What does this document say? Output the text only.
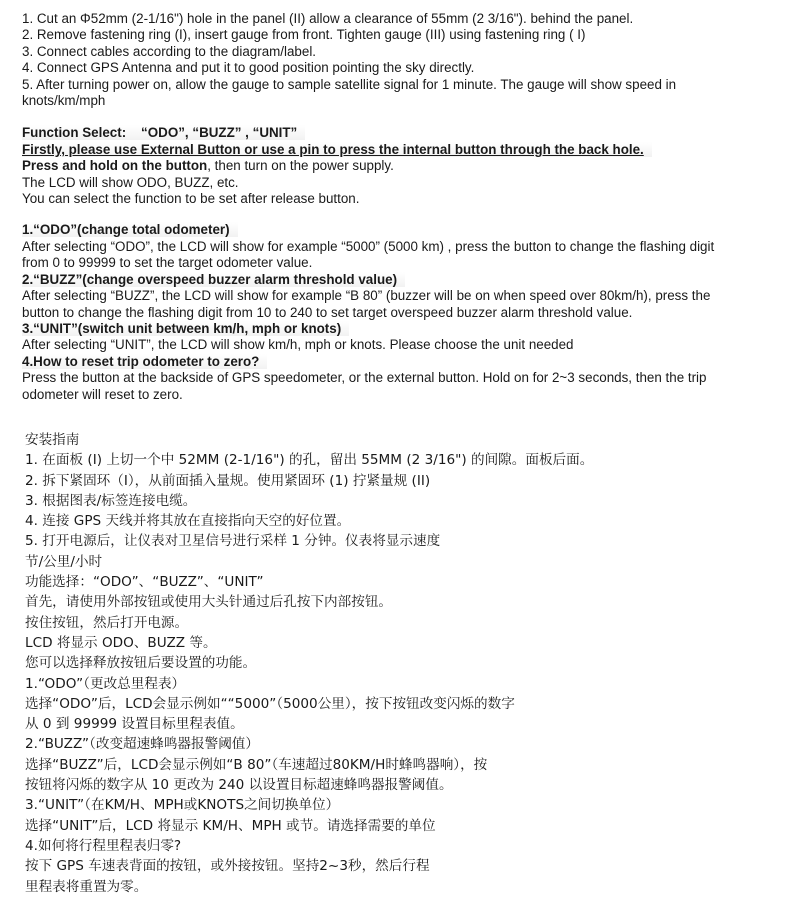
1. Cut an Φ52mm (2-1/16") hole in the panel (II) allow a clearance of 55mm (2 3/16"). behind the panel.
2. Remove fastening ring (I), insert gauge from front. Tighten gauge (III) using fastening ring ( I)
3. Connect cables according to the diagram/label.
4. Connect GPS Antenna and put it to good position pointing the sky directly.
5. After turning power on, allow the gauge to sample satellite signal for 1 minute. The gauge will show speed in
knots/km/mph
Function Select:    “ODO”, “BUZZ” , “UNIT”
Firstly, please use External Button or use a pin to press the internal button through the back hole.
Press and hold on the button, then turn on the power supply.
The LCD will show ODO, BUZZ, etc.
You can select the function to be set after release button.
1.“ODO”(change total odometer)
After selecting “ODO”, the LCD will show for example “5000” (5000 km) , press the button to change the flashing digit
from 0 to 99999 to set the target odometer value.
2.“BUZZ”(change overspeed buzzer alarm threshold value)
After selecting “BUZZ”, the LCD will show for example “B 80” (buzzer will be on when speed over 80km/h), press the
button to change the flashing digit from 10 to 240 to set target overspeed buzzer alarm threshold value.
3.“UNIT”(switch unit between km/h, mph or knots)
After selecting “UNIT”, the LCD will show km/h, mph or knots. Please choose the unit needed
4.How to reset trip odometer to zero?
Press the button at the backside of GPS speedometer, or the external button. Hold on for 2~3 seconds, then the trip
odometer will reset to zero.
安装指南
1. 在面板 (I) 上切一个中 52MM (2-1/16") 的孔，留出 55MM (2 3/16") 的间隙。面板后面。
2. 拆下紧固环（I），从前面插入量规。使用紧固环 (1) 拧紧量规 (II)
3. 根据图表/标签连接电缆。
4. 连接 GPS 天线并将其放在直接指向天空的好位置。
5. 打开电源后，让仪表对卫星信号进行采样 1 分钟。仪表将显示速度
节/公里/小时
功能选择：“ODO”、“BUZZ”、“UNIT”
首先，请使用外部按钮或使用大头针通过后孔按下内部按钮。
按住按钮，然后打开电源。
LCD 将显示 ODO、BUZZ 等。
您可以选择释放按钮后要设置的功能。
1.“ODO”（更改总里程表）
选择“ODO”后，LCD会显示例如““5000”（5000公里），按下按钮改变闪烁的数字
从 0 到 99999 设置目标里程表值。
2.“BUZZ”（改变超速蜂鸣器报警阈值）
选择“BUZZ”后，LCD会显示例如“B 80”（车速超过80KM/H时蜂鸣器响），按
按钮将闪烁的数字从 10 更改为 240 以设置目标超速蜂鸣器报警阈值。
3.“UNIT”（在KM/H、MPH或KNOTS之间切换单位）
选择“UNIT”后，LCD 将显示 KM/H、MPH 或节。请选择需要的单位
4.如何将行程里程表归零?
按下 GPS 车速表背面的按钮，或外接按钮。坚持2~3秒，然后行程
里程表将重置为零。
